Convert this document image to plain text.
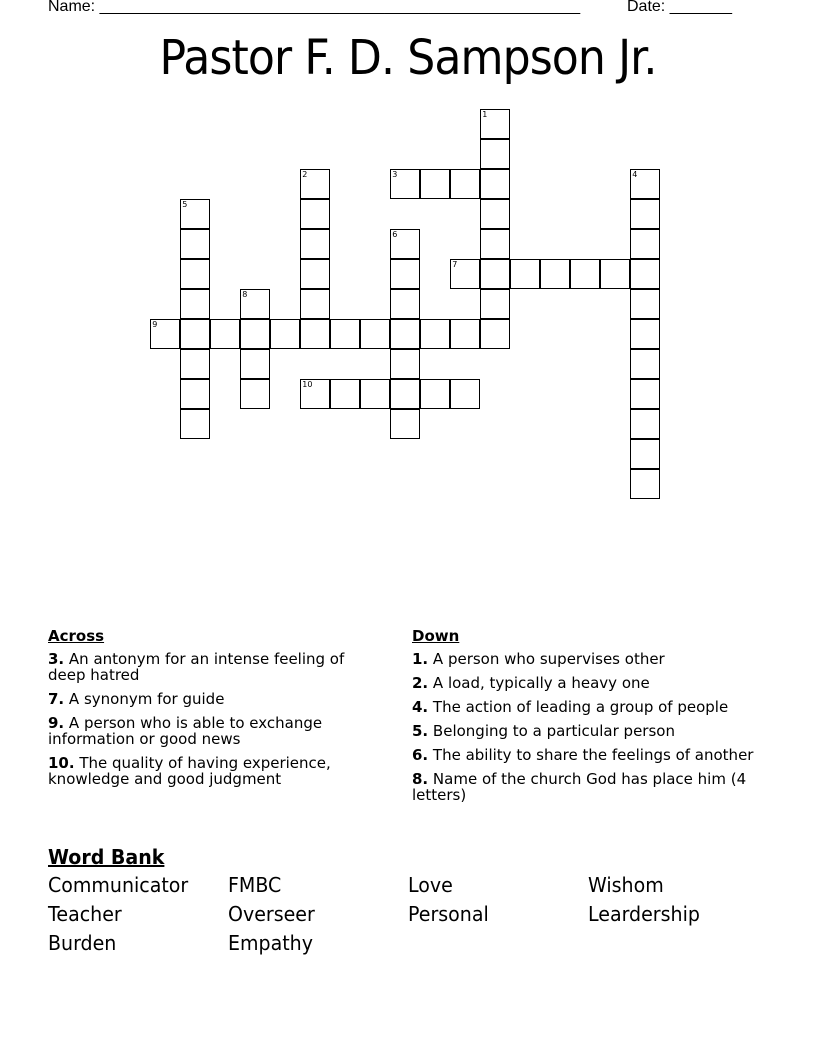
Name: ______________________________________________________	Date: _______
Pastor F. D. Sampson Jr.
1
2	3	4
5
6
7
8
9
10
Across
3. An antonym for an intense feeling of deep hatred
7. A synonym for guide
9. A person who is able to exchange information or good news
10. The quality of having experience, knowledge and good judgment
Down
1. A person who supervises other
2. A load, typically a heavy one
4. The action of leading a group of people
5. Belonging to a particular person
6. The ability to share the feelings of another
8. Name of the church God has place him (4 letters)
Word Bank
Communicator	FMBC	Love	Wishom
Teacher	Overseer	Personal	Leardership
Burden	Empathy
